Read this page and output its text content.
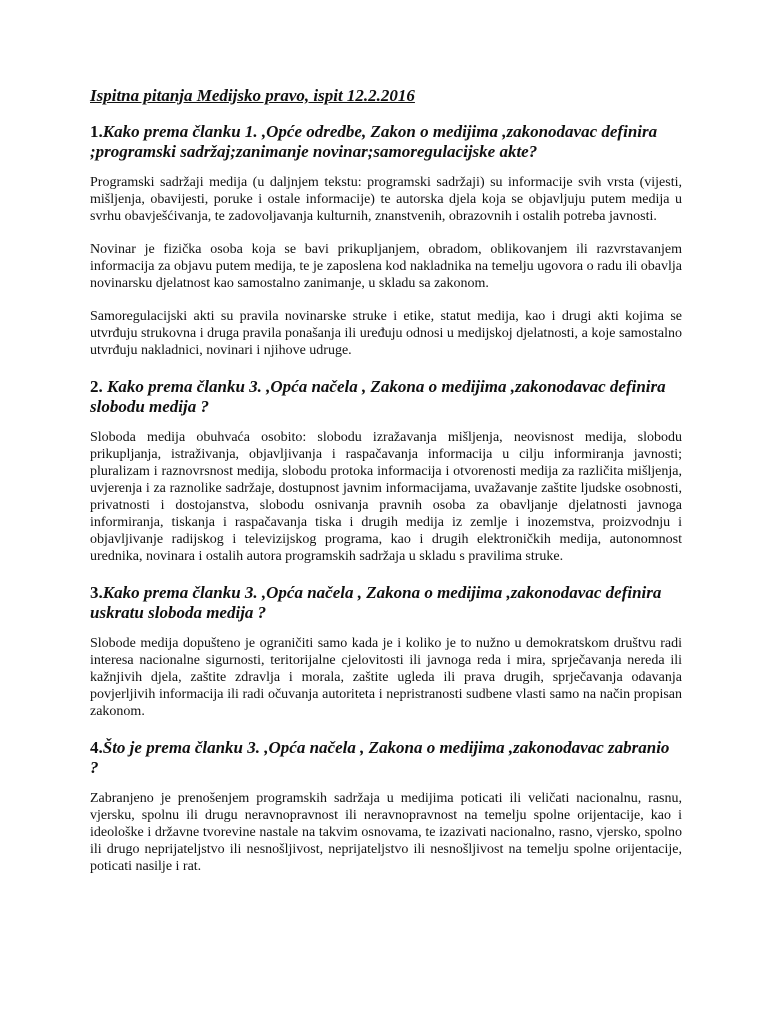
Ispitna pitanja Medijsko pravo, ispit 12.2.2016
1.Kako prema članku 1. ,Opće odredbe, Zakon o medijima ,zakonodavac definira ;programski sadržaj;zanimanje novinar;samoregulacijske akte?
Programski sadržaji medija (u daljnjem tekstu: programski sadržaji) su informacije svih vrsta (vijesti, mišljenja, obavijesti, poruke i ostale informacije) te autorska djela koja se objavljuju putem medija u svrhu obavješćivanja, te zadovoljavanja kulturnih, znanstvenih, obrazovnih i ostalih potreba javnosti.
Novinar je fizička osoba koja se bavi prikupljanjem, obradom, oblikovanjem ili razvrstavanjem informacija za objavu putem medija, te je zaposlena kod nakladnika na temelju ugovora o radu ili obavlja novinarsku djelatnost kao samostalno zanimanje, u skladu sa zakonom.
Samoregulacijski akti su pravila novinarske struke i etike, statut medija, kao i drugi akti kojima se utvrđuju strukovna i druga pravila ponašanja ili uređuju odnosi u medijskoj djelatnosti, a koje samostalno utvrđuju nakladnici, novinari i njihove udruge.
2. Kako prema članku 3. ,Opća načela , Zakona o medijima ,zakonodavac definira slobodu medija ?
Sloboda medija obuhvaća osobito: slobodu izražavanja mišljenja, neovisnost medija, slobodu prikupljanja, istraživanja, objavljivanja i raspačavanja informacija u cilju informiranja javnosti; pluralizam i raznovrsnost medija, slobodu protoka informacija i otvorenosti medija za različita mišljenja, uvjerenja i za raznolike sadržaje, dostupnost javnim informacijama, uvažavanje zaštite ljudske osobnosti, privatnosti i dostojanstva, slobodu osnivanja pravnih osoba za obavljanje djelatnosti javnoga informiranja, tiskanja i raspačavanja tiska i drugih medija iz zemlje i inozemstva, proizvodnju i objavljivanje radijskog i televizijskog programa, kao i drugih elektroničkih medija, autonomnost urednika, novinara i ostalih autora programskih sadržaja u skladu s pravilima struke.
3.Kako prema članku 3. ,Opća načela , Zakona o medijima ,zakonodavac definira uskratu sloboda medija ?
Slobode medija dopušteno je ograničiti samo kada je i koliko je to nužno u demokratskom društvu radi interesa nacionalne sigurnosti, teritorijalne cjelovitosti ili javnoga reda i mira, sprječavanja nereda ili kažnjivih djela, zaštite zdravlja i morala, zaštite ugleda ili prava drugih, sprječavanja odavanja povjerljivih informacija ili radi očuvanja autoriteta i nepristranosti sudbene vlasti samo na način propisan zakonom.
4.Što je prema članku 3. ,Opća načela , Zakona o medijima ,zakonodavac zabranio ?
Zabranjeno je prenošenjem programskih sadržaja u medijima poticati ili veličati nacionalnu, rasnu, vjersku, spolnu ili drugu neravnopravnost ili neravnopravnost na temelju spolne orijentacije, kao i ideološke i državne tvorevine nastale na takvim osnovama, te izazivati nacionalno, rasno, vjersko, spolno ili drugo neprijateljstvo ili nesnošljivost, neprijateljstvo ili nesnošljivost na temelju spolne orijentacije, poticati nasilje i rat.
